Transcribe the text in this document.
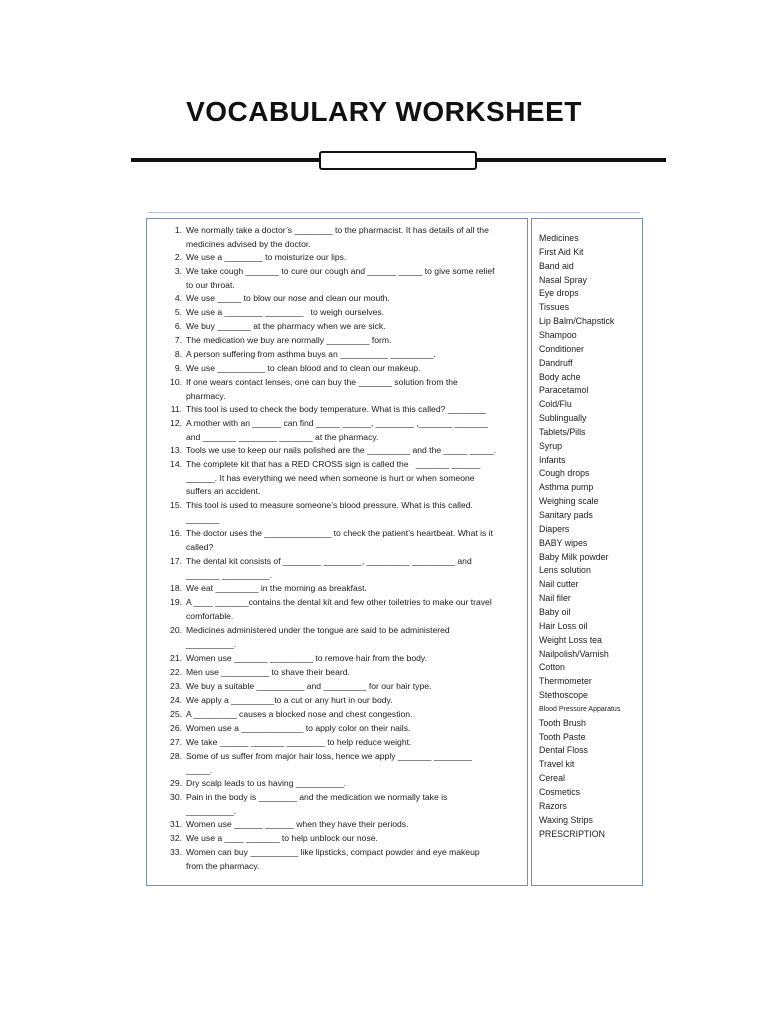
VOCABULARY WORKSHEET
1. We normally take a doctor’s ________ to the pharmacist. It has details of all the
medicines advised by the doctor.
2. We use a ________ to moisturize our lips.
3. We take cough _______ to cure our cough and ______ _____ to give some relief
to our throat.
4. We use _____ to blow our nose and clean our mouth.
5. We use a ________ ________   to weigh ourselves.
6. We buy _______ at the pharmacy when we are sick.
7. The medication we buy are normally _________ form.
8. A person suffering from asthma buys an __________ _________.
9. We use __________ to clean blood and to clean our makeup.
10. If one wears contact lenses, one can buy the _______ solution from the
pharmacy.
11. This tool is used to check the body temperature. What is this called? ________
12. A mother with an ______ can find _____ ______, ________ ,_______ _______
and _______ ________ _______ at the pharmacy.
13. Tools we use to keep our nails polished are the _________ and the _____ _____.
14. The complete kit that has a RED CROSS sign is called the   _______ ______
______. It has everything we need when someone is hurt or when someone
suffers an accident.
15. This tool is used to measure someone’s blood pressure. What is this called.
_______
16. The doctor uses the ______________ to check the patient’s heartbeat. What is it
called?
17. The dental kit consists of ________ ________, _________ _________ and
_______ __________.
18. We eat _________ in the morning as breakfast.
19. A ____ _______contains the dental kit and few other toiletries to make our travel
comfortable.
20. Medicines administered under the tongue are said to be administered
__________.
21. Women use _______ _________ to remove hair from the body.
22. Men use __________ to shave their beard.
23. We buy a suitable __________ and _________ for our hair type.
24. We apply a _________to a cut or any hurt in our body.
25. A _________ causes a blocked nose and chest congestion.
26. Women use a _____________ to apply color on their nails.
27. We take ______ _______ ________ to help reduce weight.
28. Some of us suffer from major hair loss, hence we apply _______ ________
_____.
29. Dry scalp leads to us having __________.
30. Pain in the body is ________ and the medication we normally take is
__________.
31. Women use ______ ______ when they have their periods.
32. We use a ____ _______ to help unblock our nose.
33. Women can buy __________ like lipsticks, compact powder and eye makeup
from the pharmacy.
Medicines
First Aid Kit
Band aid
Nasal Spray
Eye drops
Tissues
Lip Balm/Chapstick
Shampoo
Conditioner
Dandruff
Body ache
Paracetamol
Cold/Flu
Sublingually
Tablets/Pills
Syrup
Infants
Cough drops
Asthma pump
Weighing scale
Sanitary pads
Diapers
BABY wipes
Baby Milk powder
Lens solution
Nail cutter
Nail filer
Baby oil
Hair Loss oil
Weight Loss tea
Nailpolish/Varnish
Cotton
Thermometer
Stethoscope
Blood Pressure Apparatus
Tooth Brush
Tooth Paste
Dental Floss
Travel kit
Cereal
Cosmetics
Razors
Waxing Strips
PRESCRIPTION
